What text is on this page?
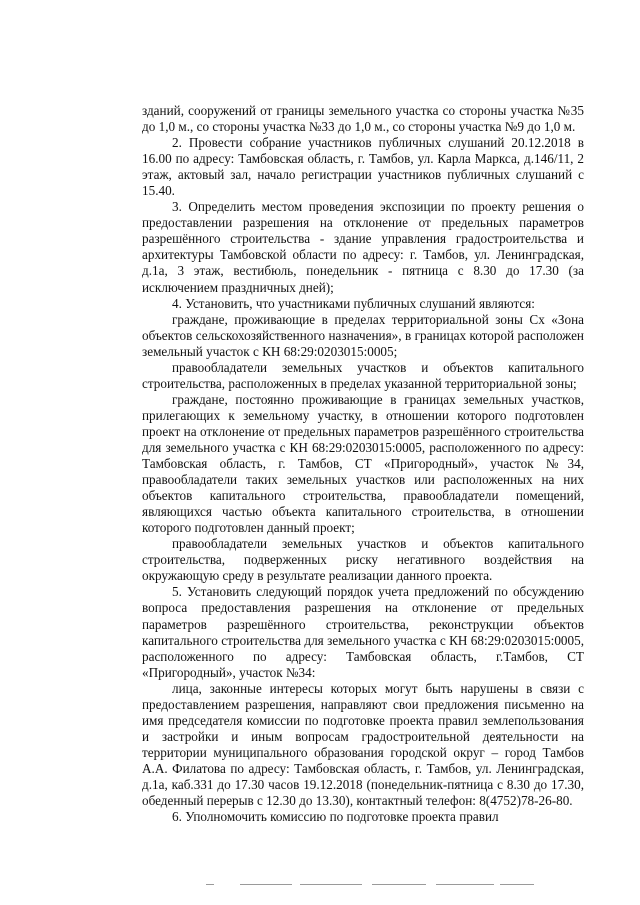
зданий, сооружений от границы земельного участка со стороны участка №35 до 1,0 м., со стороны участка №33 до 1,0 м., со стороны участка №9 до 1,0 м.

2. Провести собрание участников публичных слушаний 20.12.2018 в 16.00 по адресу: Тамбовская область, г. Тамбов, ул. Карла Маркса, д.146/11, 2 этаж, актовый зал, начало регистрации участников публичных слушаний с 15.40.

3. Определить местом проведения экспозиции по проекту решения о предоставлении разрешения на отклонение от предельных параметров разрешённого строительства - здание управления градостроительства и архитектуры Тамбовской области по адресу: г. Тамбов, ул. Ленинградская, д.1а, 3 этаж, вестибюль, понедельник - пятница с 8.30 до 17.30 (за исключением праздничных дней);

4. Установить, что участниками публичных слушаний являются:

граждане, проживающие в пределах территориальной зоны Сх «Зона объектов сельскохозяйственного назначения», в границах которой расположен земельный участок с КН 68:29:0203015:0005;

правообладатели земельных участков и объектов капитального строительства, расположенных в пределах указанной территориальной зоны;

граждане, постоянно проживающие в границах земельных участков, прилегающих к земельному участку, в отношении которого подготовлен проект на отклонение от предельных параметров разрешённого строительства для земельного участка с КН 68:29:0203015:0005, расположенного по адресу: Тамбовская область, г. Тамбов, СТ «Пригородный», участок №34, правообладатели таких земельных участков или расположенных на них объектов капитального строительства, правообладатели помещений, являющихся частью объекта капитального строительства, в отношении которого подготовлен данный проект;

правообладатели земельных участков и объектов капитального строительства, подверженных риску негативного воздействия на окружающую среду в результате реализации данного проекта.

5. Установить следующий порядок учета предложений по обсуждению вопроса предоставления разрешения на отклонение от предельных параметров разрешённого строительства, реконструкции объектов капитального строительства для земельного участка с КН 68:29:0203015:0005, расположенного по адресу: Тамбовская область, г.Тамбов, СТ «Пригородный», участок №34:

лица, законные интересы которых могут быть нарушены в связи с предоставлением разрешения, направляют свои предложения письменно на имя председателя комиссии по подготовке проекта правил землепользования и застройки и иным вопросам градостроительной деятельности на территории муниципального образования городской округ – город Тамбов А.А. Филатова по адресу: Тамбовская область, г. Тамбов, ул. Ленинградская, д.1а, каб.331 до 17.30 часов 19.12.2018 (понедельник-пятница с 8.30 до 17.30, обеденный перерыв с 12.30 до 13.30), контактный телефон: 8(4752)78-26-80.

6. Уполномочить комиссию по подготовке проекта правил
